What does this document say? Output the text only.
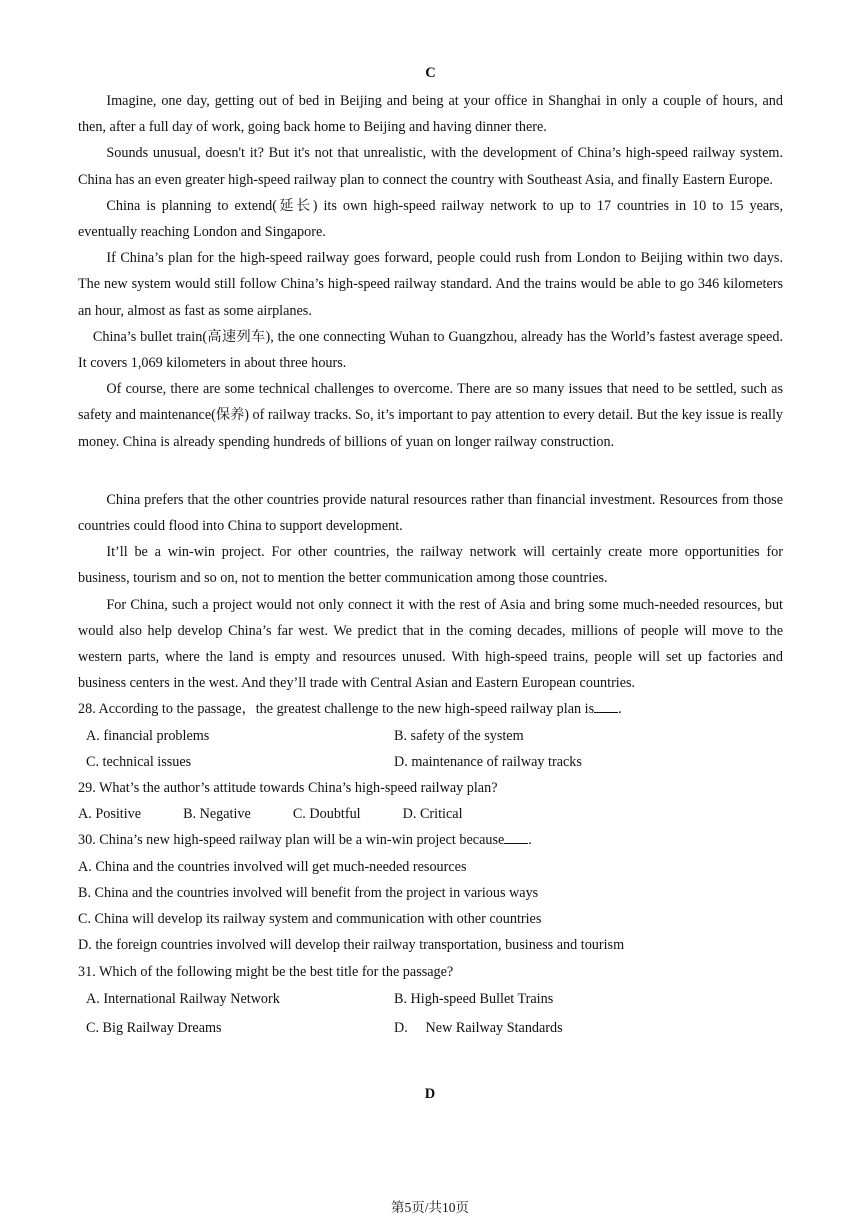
C

Imagine, one day, getting out of bed in Beijing and being at your office in Shanghai in only a couple of hours, and then, after a full day of work, going back home to Beijing and having dinner there.

Sounds unusual, doesn't it? But it's not that unrealistic, with the development of China’s high-speed railway system. China has an even greater high-speed railway plan to connect the country with Southeast Asia, and finally Eastern Europe.

China is planning to extend(延长) its own high-speed railway network to up to 17 countries in 10 to 15 years, eventually reaching London and Singapore.

If China’s plan for the high-speed railway goes forward, people could rush from London to Beijing within two days. The new system would still follow China’s high-speed railway standard. And the trains would be able to go 346 kilometers an hour, almost as fast as some airplanes.

China’s bullet train(高速列车), the one connecting Wuhan to Guangzhou, already has the World’s fastest average speed. It covers 1,069 kilometers in about three hours.

Of course, there are some technical challenges to overcome. There are so many issues that need to be settled, such as safety and maintenance(保养) of railway tracks. So, it’s important to pay attention to every detail. But the key issue is really money. China is already spending hundreds of billions of yuan on longer railway construction.

China prefers that the other countries provide natural resources rather than financial investment. Resources from those countries could flood into China to support development.

It’ll be a win-win project. For other countries, the railway network will certainly create more opportunities for business, tourism and so on, not to mention the better communication among those countries.

For China, such a project would not only connect it with the rest of Asia and bring some much-needed resources, but would also help develop China’s far west. We predict that in the coming decades, millions of people will move to the western parts, where the land is empty and resources unused. With high-speed trains, people will set up factories and business centers in the west. And they’ll trade with Central Asian and Eastern European countries.

28. According to the passage，the greatest challenge to the new high-speed railway plan is .

A. financial problems	B. safety of the system
C. technical issues	D. maintenance of railway tracks

29. What’s the author’s attitude towards China’s high-speed railway plan?

A. Positive	B. Negative	C. Doubtful	D. Critical

30. China’s new high-speed railway plan will be a win-win project because .

A. China and the countries involved will get much-needed resources

B. China and the countries involved will benefit from the project in various ways

C. China will develop its railway system and communication with other countries

D. the foreign countries involved will develop their railway transportation, business and tourism

31. Which of the following might be the best title for the passage?

A. International Railway Network	B. High-speed Bullet Trains
C. Big Railway Dreams	D.     New Railway Standards
D
第5页/共10页
